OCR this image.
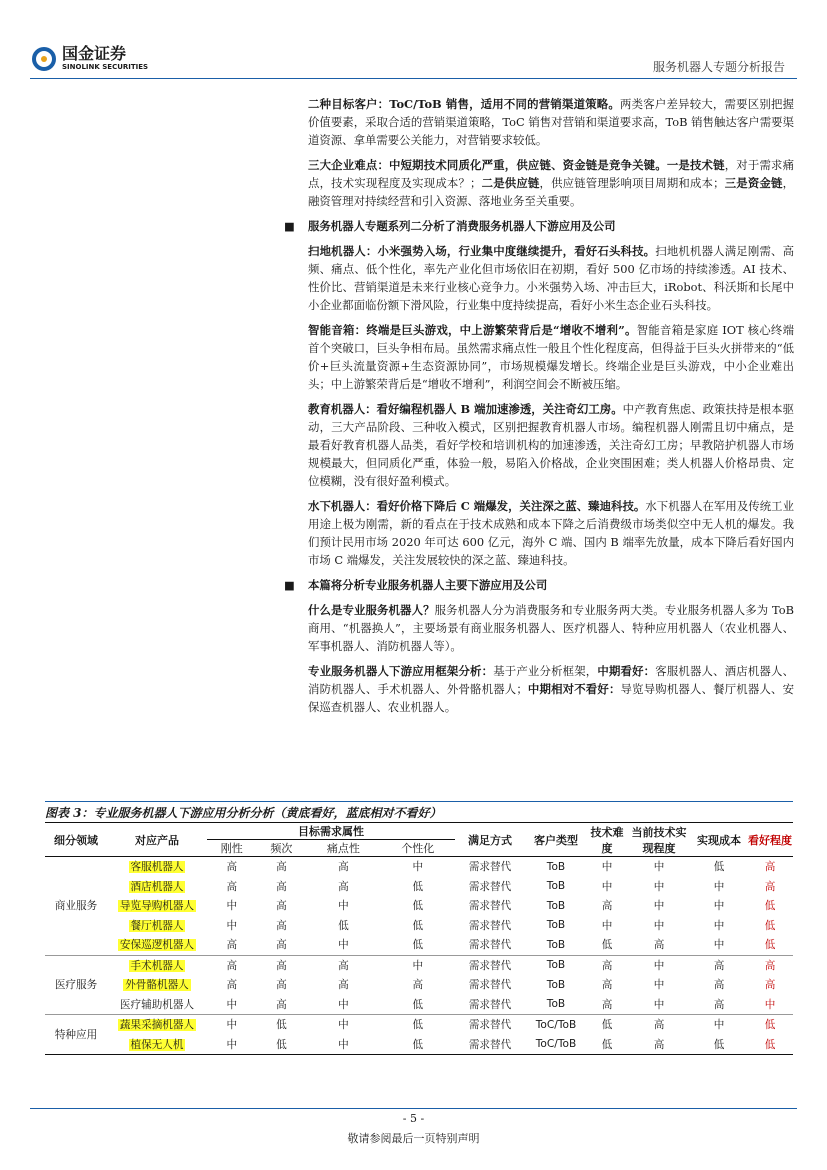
国金证券
SINOLINK SECURITIES	服务机器人专题分析报告

二种目标客户：ToC/ToB 销售，适用不同的营销渠道策略。两类客户差异较大，需要区别把握价值要素，采取合适的营销渠道策略，ToC 销售对营销和渠道要求高，ToB 销售触达客户需要渠道资源、拿单需要公关能力，对营销要求较低。

三大企业难点：中短期技术同质化严重，供应链、资金链是竞争关键。一是技术链，对于需求痛点，技术实现程度及实现成本？；二是供应链，供应链管理影响项目周期和成本；三是资金链，融资管理对持续经营和引入资源、落地业务至关重要。

■ 服务机器人专题系列二分析了消费服务机器人下游应用及公司

扫地机器人：小米强势入场，行业集中度继续提升，看好石头科技。扫地机机器人满足刚需、高频、痛点、低个性化，率先产业化但市场依旧在初期，看好 500 亿市场的持续渗透。AI 技术、性价比、营销渠道是未来行业核心竞争力。小米强势入场、冲击巨大，iRobot、科沃斯和长尾中小企业都面临份额下滑风险，行业集中度持续提高，看好小米生态企业石头科技。

智能音箱：终端是巨头游戏，中上游繁荣背后是“增收不增利”。智能音箱是家庭 IOT 核心终端首个突破口，巨头争相布局。虽然需求痛点性一般且个性化程度高，但得益于巨头火拼带来的“低价+巨头流量资源+生态资源协同”，市场规模爆发增长。终端企业是巨头游戏，中小企业难出头；中上游繁荣背后是“增收不增利”，利润空间会不断被压缩。

教育机器人：看好编程机器人 B 端加速渗透，关注奇幻工房。中产教育焦虑、政策扶持是根本驱动，三大产品阶段、三种收入模式，区别把握教育机器人市场。编程机器人刚需且切中痛点，是最看好教育机器人品类，看好学校和培训机构的加速渗透，关注奇幻工房；早教陪护机器人市场规模最大，但同质化严重，体验一般，易陷入价格战，企业突围困难；类人机器人价格昂贵、定位模糊，没有很好盈利模式。

水下机器人：看好价格下降后 C 端爆发，关注深之蓝、臻迪科技。水下机器人在军用及传统工业用途上极为刚需，新的看点在于技术成熟和成本下降之后消费级市场类似空中无人机的爆发。我们预计民用市场 2020 年可达 600 亿元，海外 C 端、国内 B 端率先放量，成本下降后看好国内市场 C 端爆发，关注发展较快的深之蓝、臻迪科技。

■ 本篇将分析专业服务机器人主要下游应用及公司

什么是专业服务机器人？服务机器人分为消费服务和专业服务两大类。专业服务机器人多为 ToB 商用、“机器换人”，主要场景有商业服务机器人、医疗机器人、特种应用机器人（农业机器人、军事机器人、消防机器人等）。

专业服务机器人下游应用框架分析：基于产业分析框架，中期看好：客服机器人、酒店机器人、消防机器人、手术机器人、外骨骼机器人；中期相对不看好：导览导购机器人、餐厅机器人、安保巡查机器人、农业机器人。

图表 3：专业服务机器人下游应用分析分析（黄底看好，蓝底相对不看好）
细分领域	对应产品	目标需求属性				满足方式	客户类型	技术难度	当前技术实现程度	实现成本	看好程度
		刚性	频次	痛点性	个性化						
商业服务	客服机器人	高	高	高	中	需求替代	ToB	中	中	低	高
	酒店机器人	高	高	高	低	需求替代	ToB	中	中	中	高
	导览导购机器人	中	高	中	低	需求替代	ToB	高	中	中	低
	餐厅机器人	中	高	低	低	需求替代	ToB	中	中	中	低
	安保巡逻机器人	高	高	中	低	需求替代	ToB	低	高	中	低
医疗服务	手术机器人	高	高	高	中	需求替代	ToB	高	中	高	高
	外骨骼机器人	高	高	高	高	需求替代	ToB	高	中	高	高
	医疗辅助机器人	中	高	中	低	需求替代	ToB	高	中	高	中
特种应用	蔬果采摘机器人	中	低	中	低	需求替代	ToC/ToB	低	高	中	低
	植保无人机	中	低	中	低	需求替代	ToC/ToB	低	高	低	低
- 5 -
敬请参阅最后一页特别声明
